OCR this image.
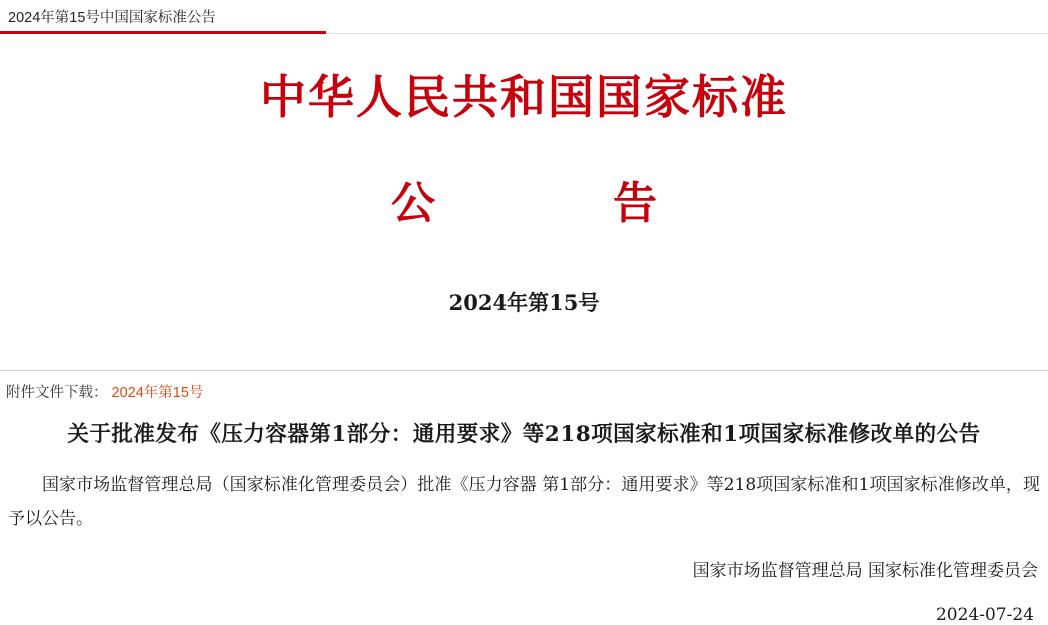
2024年第15号中国国家标准公告
中华人民共和国国家标准
公　　告
2024年第15号
附件文件下载： 2024年第15号
关于批准发布《压力容器第1部分：通用要求》等218项国家标准和1项国家标准修改单的公告
国家市场监督管理总局（国家标准化管理委员会）批准《压力容器 第1部分：通用要求》等218项国家标准和1项国家标准修改单，现予以公告。
国家市场监督管理总局 国家标准化管理委员会
2024-07-24
